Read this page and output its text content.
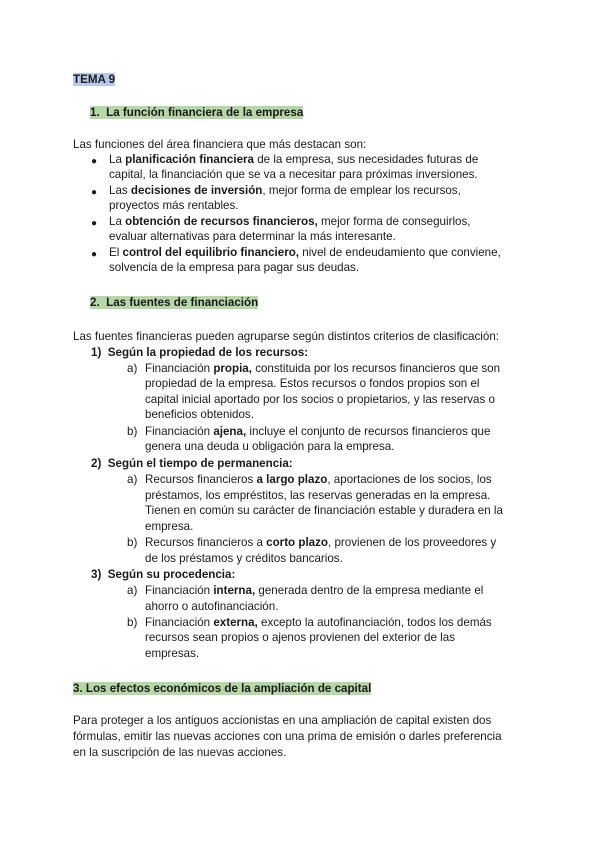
TEMA 9
1. La función financiera de la empresa
Las funciones del área financiera que más destacan son:
● La planificación financiera de la empresa, sus necesidades futuras de
capital, la financiación que se va a necesitar para próximas inversiones.
● Las decisiones de inversión, mejor forma de emplear los recursos,
proyectos más rentables.
● La obtención de recursos financieros, mejor forma de conseguirlos,
evaluar alternativas para determinar la más interesante.
● El control del equilibrio financiero, nivel de endeudamiento que conviene,
solvencia de la empresa para pagar sus deudas.
2. Las fuentes de financiación
Las fuentes financieras pueden agruparse según distintos criterios de clasificación:
1) Según la propiedad de los recursos:
a) Financiación propia, constituida por los recursos financieros que son
propiedad de la empresa. Estos recursos o fondos propios son el
capital inicial aportado por los socios o propietarios, y las reservas o
beneficios obtenidos.
b) Financiación ajena, incluye el conjunto de recursos financieros que
genera una deuda u obligación para la empresa.
2) Según el tiempo de permanencia:
a) Recursos financieros a largo plazo, aportaciones de los socios, los
préstamos, los empréstitos, las reservas generadas en la empresa.
Tienen en común su carácter de financiación estable y duradera en la
empresa.
b) Recursos financieros a corto plazo, provienen de los proveedores y
de los préstamos y créditos bancarios.
3) Según su procedencia:
a) Financiación interna, generada dentro de la empresa mediante el
ahorro o autofinanciación.
b) Financiación externa, excepto la autofinanciación, todos los demás
recursos sean propios o ajenos provienen del exterior de las
empresas.
3. Los efectos económicos de la ampliación de capital
Para proteger a los antiguos accionistas en una ampliación de capital existen dos
fórmulas, emitir las nuevas acciones con una prima de emisión o darles preferencia
en la suscripción de las nuevas acciones.
